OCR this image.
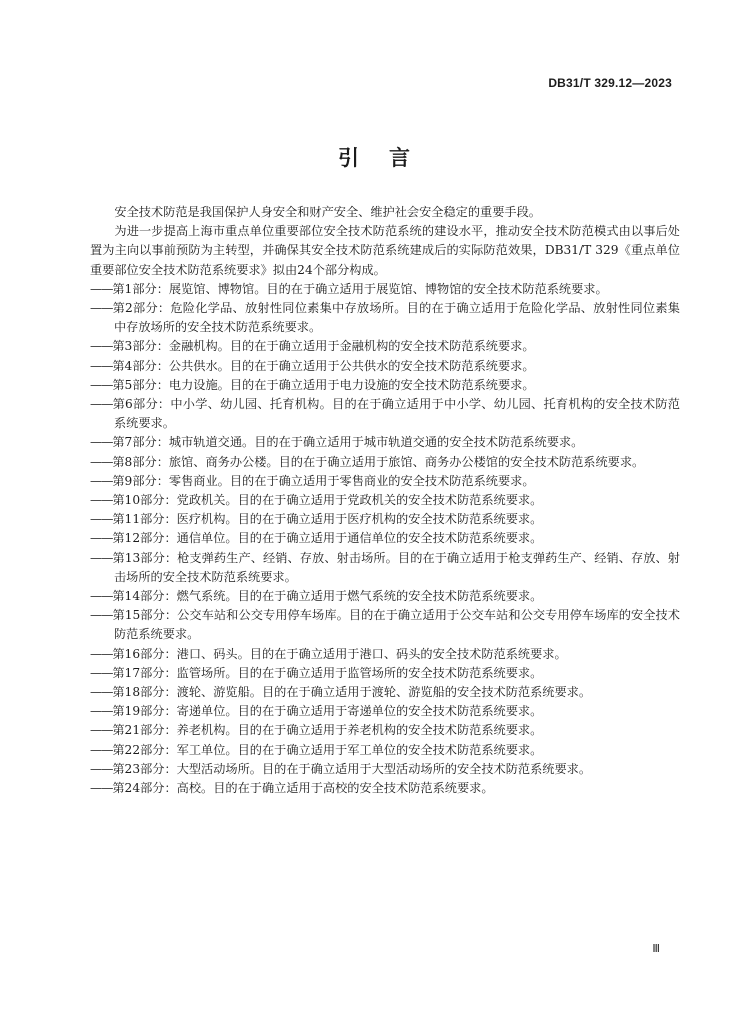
DB31/T 329.12—2023
引言

安全技术防范是我国保护人身安全和财产安全、维护社会安全稳定的重要手段。

为进一步提高上海市重点单位重要部位安全技术防范系统的建设水平，推动安全技术防范模式由以事后处置为主向以事前预防为主转型，并确保其安全技术防范系统建成后的实际防范效果，DB31/T 329《重点单位重要部位安全技术防范系统要求》拟由24个部分构成。

——第1部分：展览馆、博物馆。目的在于确立适用于展览馆、博物馆的安全技术防范系统要求。

——第2部分：危险化学品、放射性同位素集中存放场所。目的在于确立适用于危险化学品、放射性同位素集中存放场所的安全技术防范系统要求。

——第3部分：金融机构。目的在于确立适用于金融机构的安全技术防范系统要求。

——第4部分：公共供水。目的在于确立适用于公共供水的安全技术防范系统要求。

——第5部分：电力设施。目的在于确立适用于电力设施的安全技术防范系统要求。

——第6部分：中小学、幼儿园、托育机构。目的在于确立适用于中小学、幼儿园、托育机构的安全技术防范系统要求。

——第7部分：城市轨道交通。目的在于确立适用于城市轨道交通的安全技术防范系统要求。

——第8部分：旅馆、商务办公楼。目的在于确立适用于旅馆、商务办公楼馆的安全技术防范系统要求。

——第9部分：零售商业。目的在于确立适用于零售商业的安全技术防范系统要求。

——第10部分：党政机关。目的在于确立适用于党政机关的安全技术防范系统要求。

——第11部分：医疗机构。目的在于确立适用于医疗机构的安全技术防范系统要求。

——第12部分：通信单位。目的在于确立适用于通信单位的安全技术防范系统要求。

——第13部分：枪支弹药生产、经销、存放、射击场所。目的在于确立适用于枪支弹药生产、经销、存放、射击场所的安全技术防范系统要求。

——第14部分：燃气系统。目的在于确立适用于燃气系统的安全技术防范系统要求。

——第15部分：公交车站和公交专用停车场库。目的在于确立适用于公交车站和公交专用停车场库的安全技术防范系统要求。

——第16部分：港口、码头。目的在于确立适用于港口、码头的安全技术防范系统要求。

——第17部分：监管场所。目的在于确立适用于监管场所的安全技术防范系统要求。

——第18部分：渡轮、游览船。目的在于确立适用于渡轮、游览船的安全技术防范系统要求。

——第19部分：寄递单位。目的在于确立适用于寄递单位的安全技术防范系统要求。

——第21部分：养老机构。目的在于确立适用于养老机构的安全技术防范系统要求。

——第22部分：军工单位。目的在于确立适用于军工单位的安全技术防范系统要求。

——第23部分：大型活动场所。目的在于确立适用于大型活动场所的安全技术防范系统要求。

——第24部分：高校。目的在于确立适用于高校的安全技术防范系统要求。

Ⅲ
